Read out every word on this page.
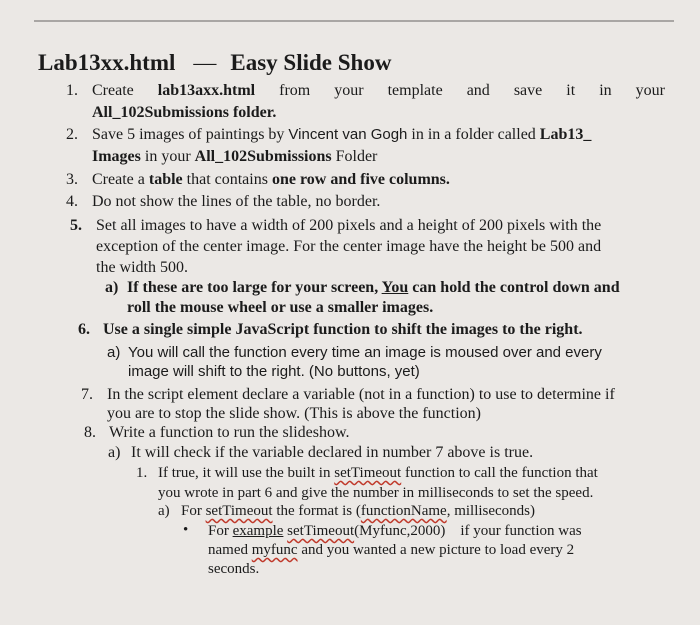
Lab13xx.html — Easy Slide Show
1. Create lab13axx.html from your template and save it in your
All_102Submissions folder.
2. Save 5 images of paintings by Vincent van Gogh in in a folder called Lab13_
Images in your All_102Submissions Folder
3. Create a table that contains one row and five columns.
4. Do not show the lines of the table, no border.
5. Set all images to have a width of 200 pixels and a height of 200 pixels with the
exception of the center image. For the center image have the height be 500 and
the width 500.
a) If these are too large for your screen, You can hold the control down and
roll the mouse wheel or use a smaller images.
6. Use a single simple JavaScript function to shift the images to the right.
a) You will call the function every time an image is moused over and every
image will shift to the right. (No buttons, yet)
7. In the script element declare a variable (not in a function) to use to determine if
you are to stop the slide show. (This is above the function)
8. Write a function to run the slideshow.
a) It will check if the variable declared in number 7 above is true.
1. If true, it will use the built in setTimeout function to call the function that
you wrote in part 6 and give the number in milliseconds to set the speed.
a) For setTimeout the format is (functionName, milliseconds)
• For example setTimeout(Myfunc,2000)    if your function was
named myfunc and you wanted a new picture to load every 2
seconds.
